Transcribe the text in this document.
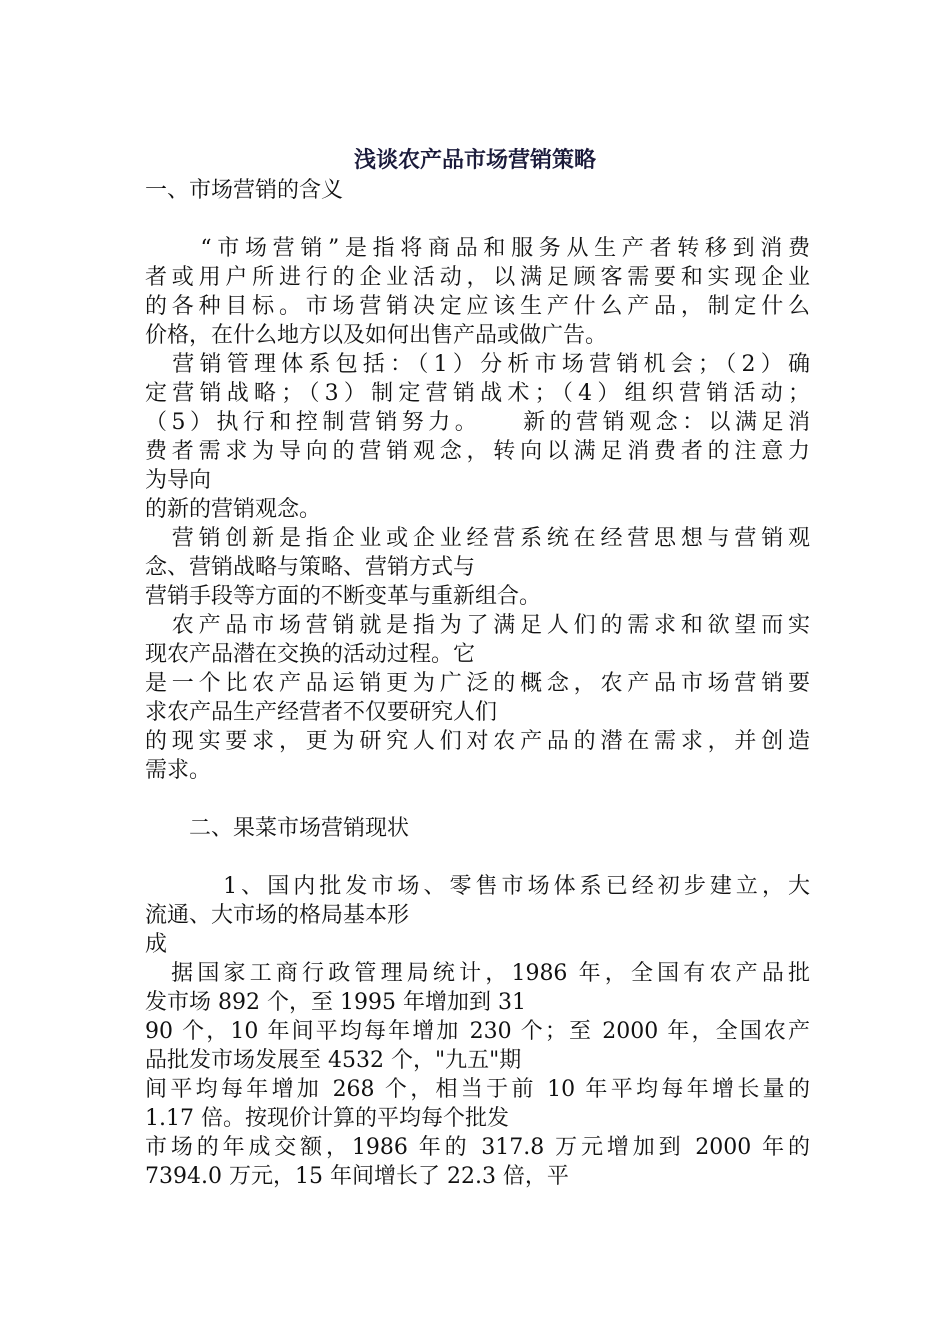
浅谈农产品市场营销策略
一、市场营销的含义
　　“市场营销”是指将商品和服务从生产者转移到消费
者或用户所进行的企业活动，以满足顾客需要和实现企业
的各种目标。市场营销决定应该生产什么产品，制定什么
价格，在什么地方以及如何出售产品或做广告。
　营销管理体系包括：（1）分析市场营销机会；（2）确
定营销战略；（3）制定营销战术；（4）组织营销活动；
（5）执行和控制营销努力。　　新的营销观念：以满足消
费者需求为导向的营销观念，转向以满足消费者的注意力
为导向
的新的营销观念。
　营销创新是指企业或企业经营系统在经营思想与营销观
念、营销战略与策略、营销方式与
营销手段等方面的不断变革与重新组合。
　农产品市场营销就是指为了满足人们的需求和欲望而实
现农产品潜在交换的活动过程。它
是一个比农产品运销更为广泛的概念，农产品市场营销要
求农产品生产经营者不仅要研究人们
的现实要求，更为研究人们对农产品的潜在需求，并创造
需求。
　　二、果菜市场营销现状
　　　1、国内批发市场、零售市场体系已经初步建立，大
流通、大市场的格局基本形
成
　据国家工商行政管理局统计，1986 年，全国有农产品批
发市场 892 个，至 1995 年增加到 31
90 个，10 年间平均每年增加 230 个；至 2000 年，全国农产
品批发市场发展至 4532 个，"九五"期
间平均每年增加 268 个，相当于前 10 年平均每年增长量的
1.17 倍。按现价计算的平均每个批发
市场的年成交额，1986 年的 317.8 万元增加到 2000 年的
7394.0 万元，15 年间增长了 22.3 倍，平
